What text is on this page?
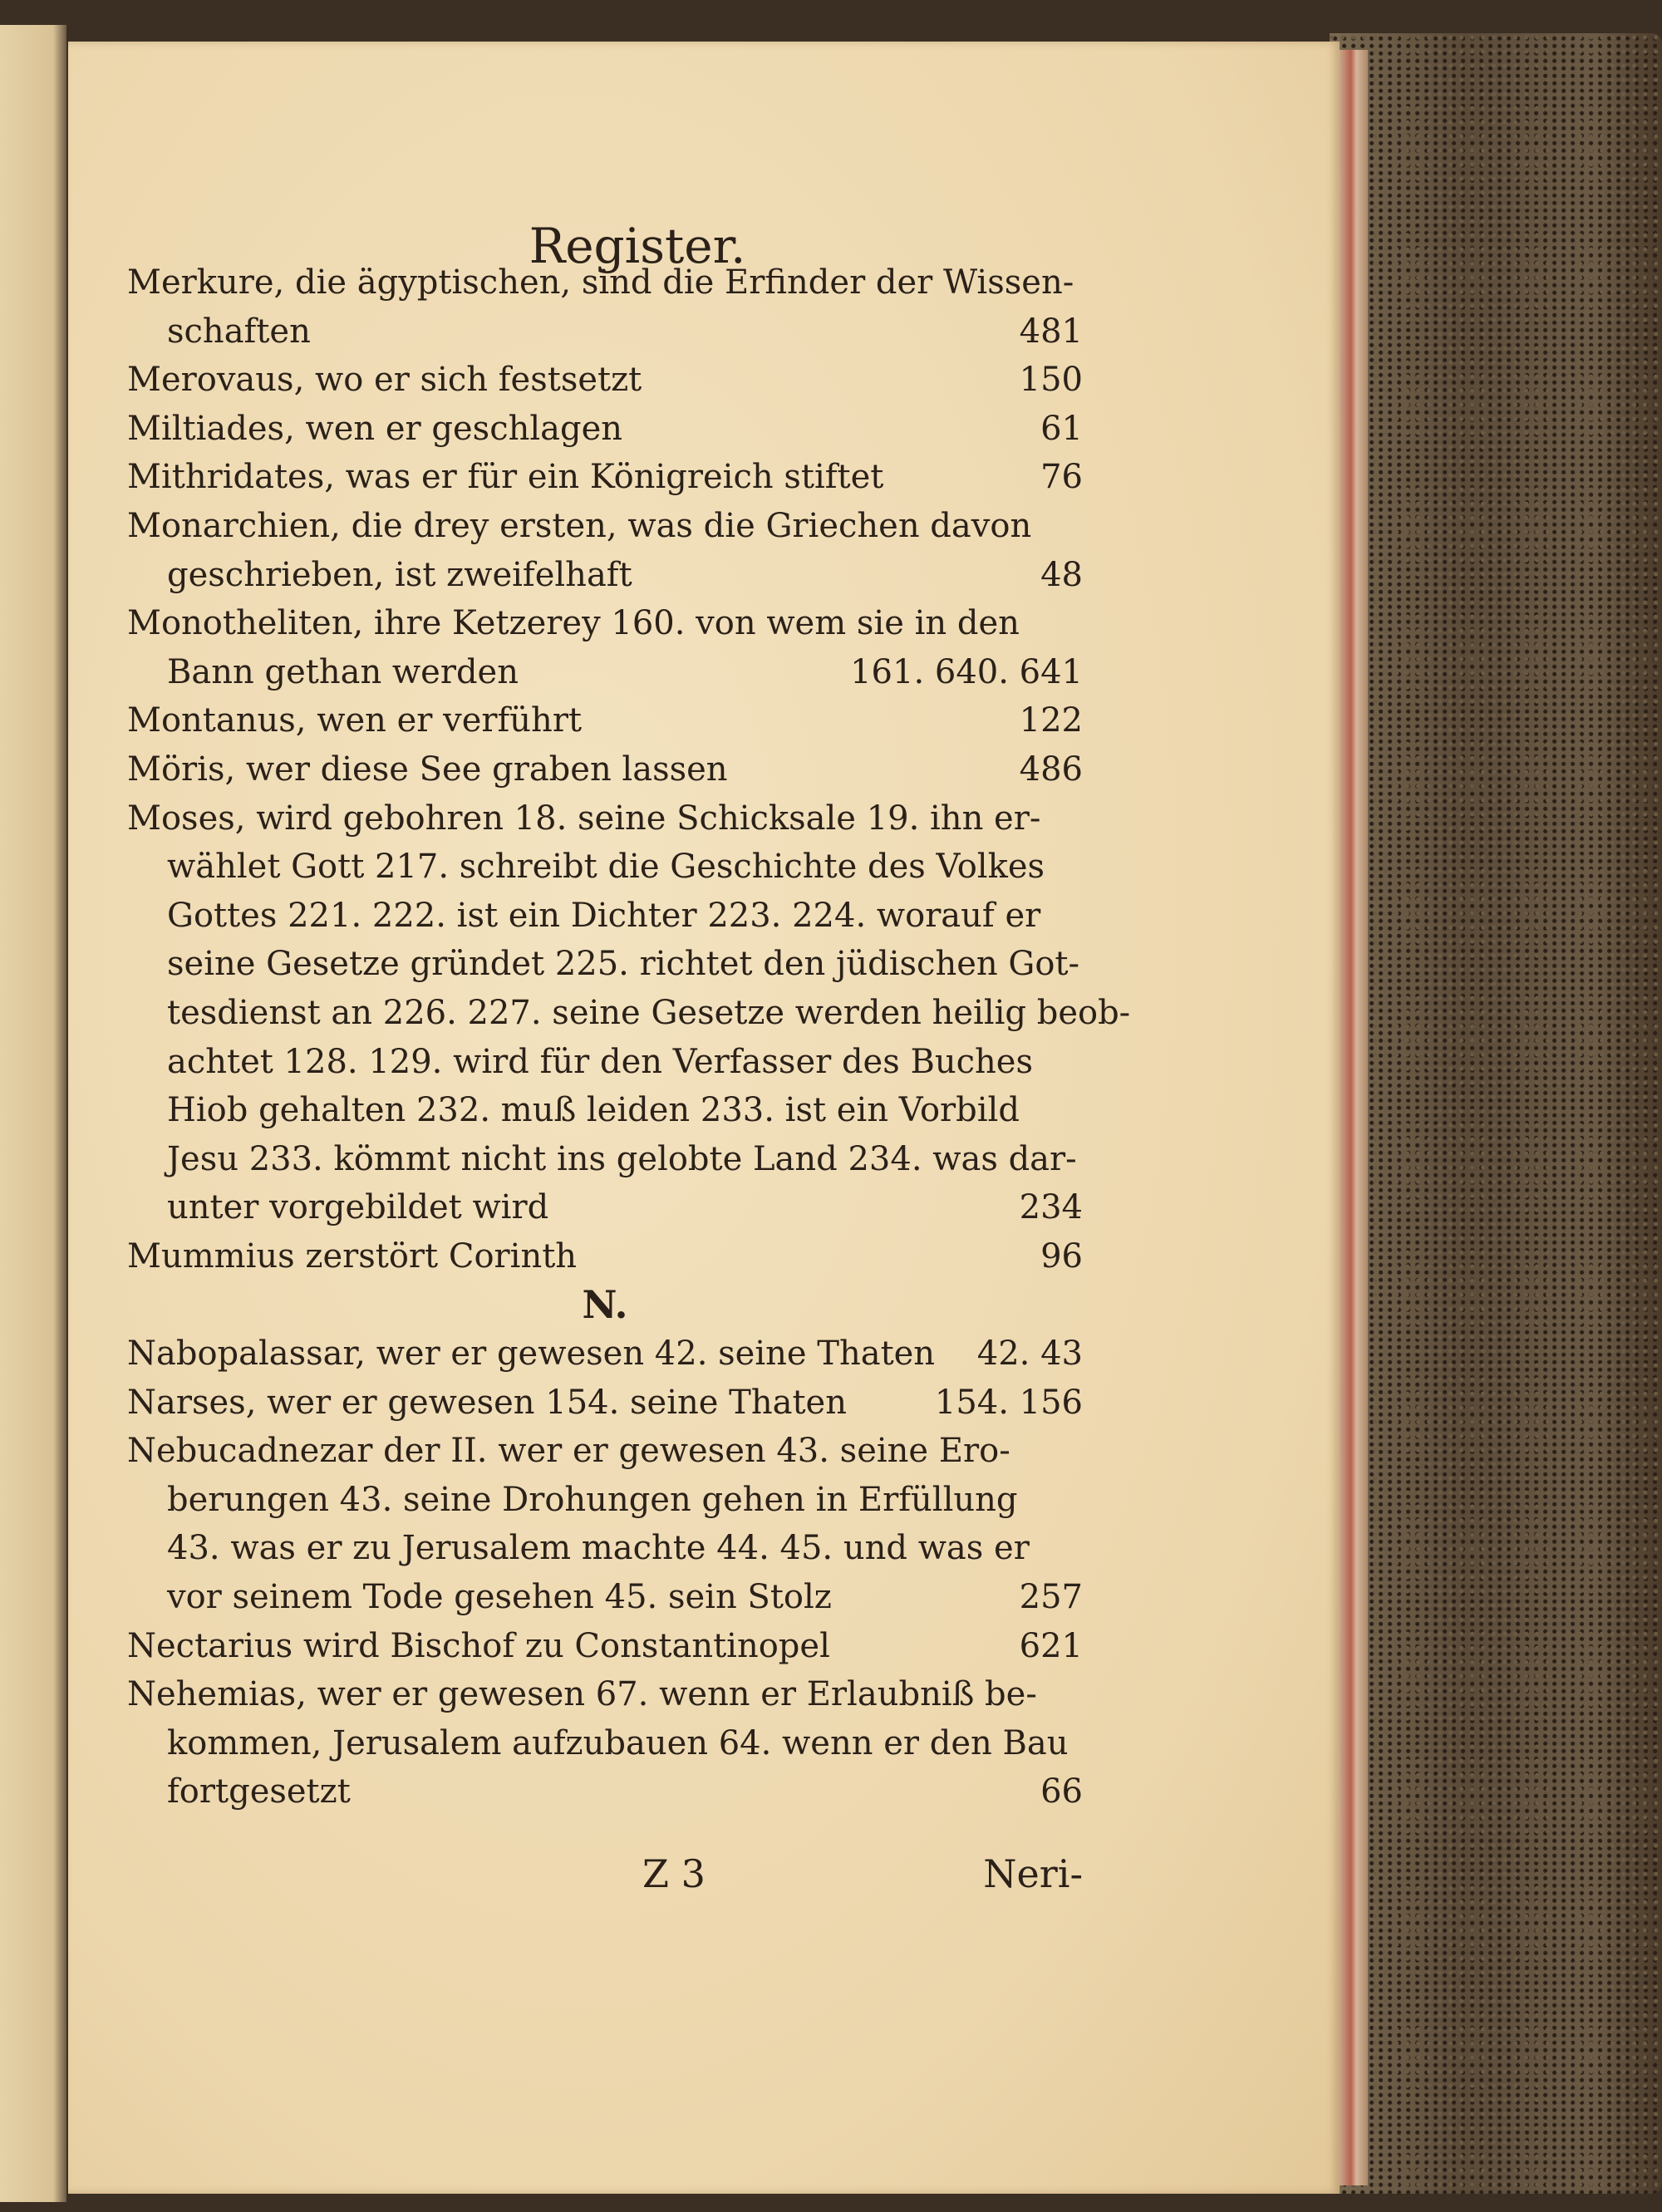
Register.
Merkure, die ägyptischen, sind die Erfinder der Wissen-
schaften	481
Merovaus, wo er sich festsetzt	150
Miltiades, wen er geschlagen	61
Mithridates, was er für ein Königreich stiftet	76
Monarchien, die drey ersten, was die Griechen davon
geschrieben, ist zweifelhaft	48
Monotheliten, ihre Ketzerey 160. von wem sie in den
Bann gethan werden	161. 640. 641
Montanus, wen er verführt	122
Möris, wer diese See graben lassen	486
Moses, wird gebohren 18. seine Schicksale 19. ihn er-
wählet Gott 217. schreibt die Geschichte des Volkes
Gottes 221. 222. ist ein Dichter 223. 224. worauf er
seine Gesetze gründet 225. richtet den jüdischen Got-
tesdienst an 226. 227. seine Gesetze werden heilig beob-
achtet 128. 129. wird für den Verfasser des Buches
Hiob gehalten 232. muß leiden 233. ist ein Vorbild
Jesu 233. kömmt nicht ins gelobte Land 234. was dar-
unter vorgebildet wird	234
Mummius zerstört Corinth	96
N.
Nabopalassar, wer er gewesen 42. seine Thaten	42. 43
Narses, wer er gewesen 154. seine Thaten	154. 156
Nebucadnezar der II. wer er gewesen 43. seine Ero-
berungen 43. seine Drohungen gehen in Erfüllung
43. was er zu Jerusalem machte 44. 45. und was er
vor seinem Tode gesehen 45. sein Stolz	257
Nectarius wird Bischof zu Constantinopel	621
Nehemias, wer er gewesen 67. wenn er Erlaubniß be-
kommen, Jerusalem aufzubauen 64. wenn er den Bau
fortgesetzt	66
Z 3	Neri-
